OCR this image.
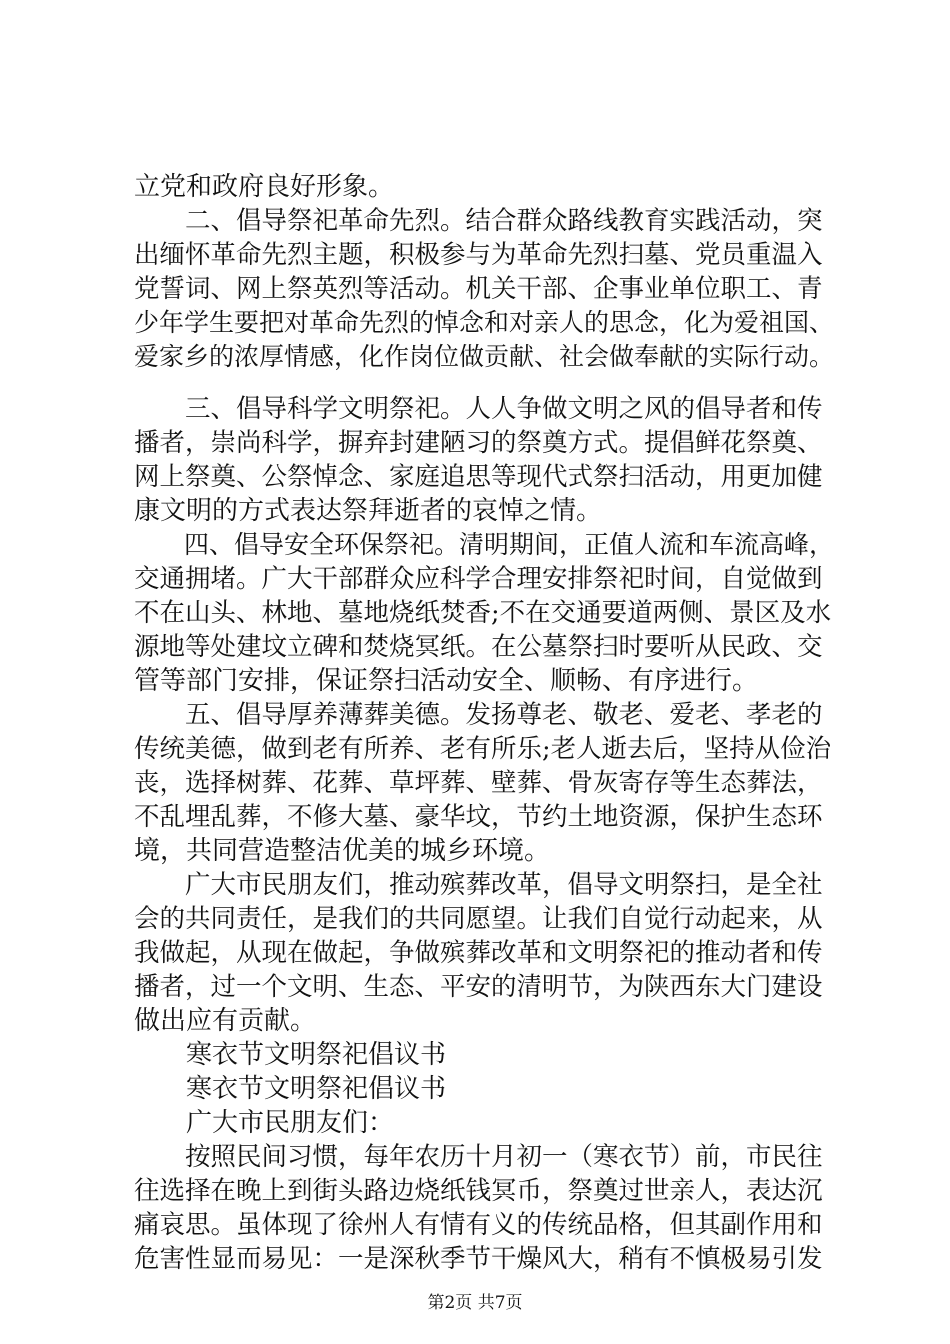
立党和政府良好形象。
　　二、倡导祭祀革命先烈。结合群众路线教育实践活动，突
出缅怀革命先烈主题，积极参与为革命先烈扫墓、党员重温入
党誓词、网上祭英烈等活动。机关干部、企事业单位职工、青
少年学生要把对革命先烈的悼念和对亲人的思念，化为爱祖国、
爱家乡的浓厚情感，化作岗位做贡献、社会做奉献的实际行动。
　　三、倡导科学文明祭祀。人人争做文明之风的倡导者和传
播者，崇尚科学，摒弃封建陋习的祭奠方式。提倡鲜花祭奠、
网上祭奠、公祭悼念、家庭追思等现代式祭扫活动，用更加健
康文明的方式表达祭拜逝者的哀悼之情。
　　四、倡导安全环保祭祀。清明期间，正值人流和车流高峰，
交通拥堵。广大干部群众应科学合理安排祭祀时间，自觉做到
不在山头、林地、墓地烧纸焚香;不在交通要道两侧、景区及水
源地等处建坟立碑和焚烧冥纸。在公墓祭扫时要听从民政、交
管等部门安排，保证祭扫活动安全、顺畅、有序进行。
　　五、倡导厚养薄葬美德。发扬尊老、敬老、爱老、孝老的
传统美德，做到老有所养、老有所乐;老人逝去后，坚持从俭治
丧，选择树葬、花葬、草坪葬、壁葬、骨灰寄存等生态葬法，
不乱埋乱葬，不修大墓、豪华坟，节约土地资源，保护生态环
境，共同营造整洁优美的城乡环境。
　　广大市民朋友们，推动殡葬改革，倡导文明祭扫，是全社
会的共同责任，是我们的共同愿望。让我们自觉行动起来，从
我做起，从现在做起，争做殡葬改革和文明祭祀的推动者和传
播者，过一个文明、生态、平安的清明节，为陕西东大门建设
做出应有贡献。
　　寒衣节文明祭祀倡议书
　　寒衣节文明祭祀倡议书
　　广大市民朋友们：
　　按照民间习惯，每年农历十月初一（寒衣节）前，市民往
往选择在晚上到街头路边烧纸钱冥币，祭奠过世亲人，表达沉
痛哀思。虽体现了徐州人有情有义的传统品格，但其副作用和
危害性显而易见：一是深秋季节干燥风大，稍有不慎极易引发
第2页 共7页
